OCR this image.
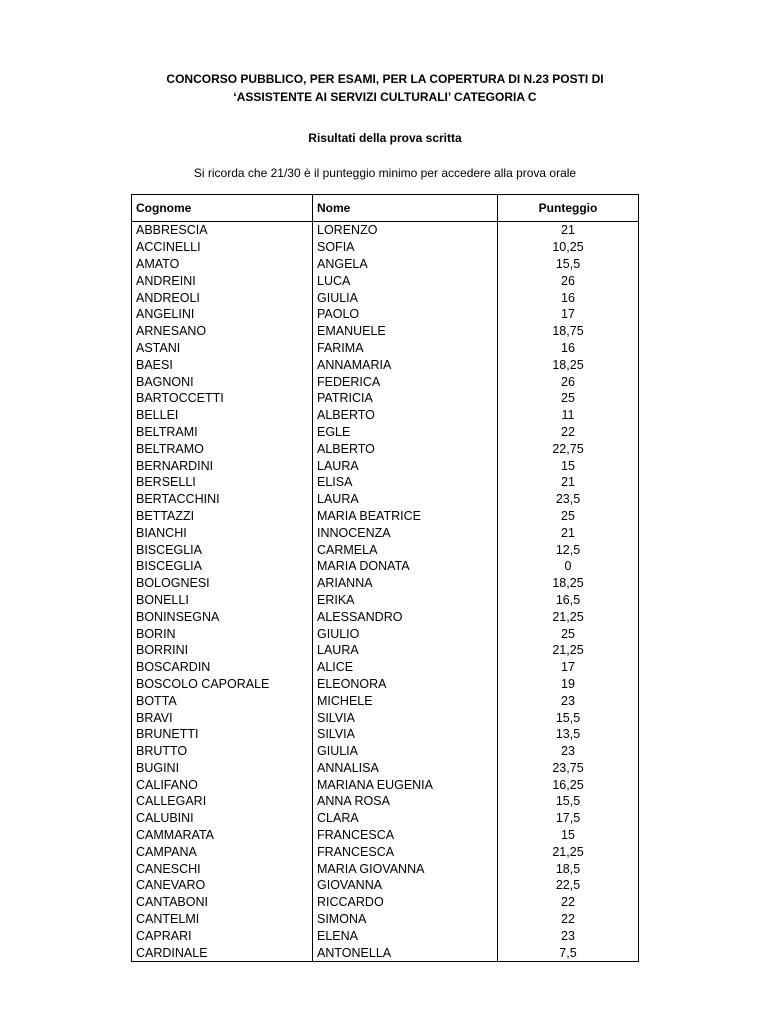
CONCORSO PUBBLICO, PER ESAMI, PER LA COPERTURA DI N.23 POSTI DI
‘ASSISTENTE AI SERVIZI CULTURALI’ CATEGORIA C
Risultati della prova scritta
Si ricorda che 21/30 è il punteggio minimo per accedere alla prova orale
Cognome	Nome	Punteggio
ABBRESCIA	LORENZO	21
ACCINELLI	SOFIA	10,25
AMATO	ANGELA	15,5
ANDREINI	LUCA	26
ANDREOLI	GIULIA	16
ANGELINI	PAOLO	17
ARNESANO	EMANUELE	18,75
ASTANI	FARIMA	16
BAESI	ANNAMARIA	18,25
BAGNONI	FEDERICA	26
BARTOCCETTI	PATRICIA	25
BELLEI	ALBERTO	11
BELTRAMI	EGLE	22
BELTRAMO	ALBERTO	22,75
BERNARDINI	LAURA	15
BERSELLI	ELISA	21
BERTACCHINI	LAURA	23,5
BETTAZZI	MARIA BEATRICE	25
BIANCHI	INNOCENZA	21
BISCEGLIA	CARMELA	12,5
BISCEGLIA	MARIA DONATA	0
BOLOGNESI	ARIANNA	18,25
BONELLI	ERIKA	16,5
BONINSEGNA	ALESSANDRO	21,25
BORIN	GIULIO	25
BORRINI	LAURA	21,25
BOSCARDIN	ALICE	17
BOSCOLO CAPORALE	ELEONORA	19
BOTTA	MICHELE	23
BRAVI	SILVIA	15,5
BRUNETTI	SILVIA	13,5
BRUTTO	GIULIA	23
BUGINI	ANNALISA	23,75
CALIFANO	MARIANA EUGENIA	16,25
CALLEGARI	ANNA ROSA	15,5
CALUBINI	CLARA	17,5
CAMMARATA	FRANCESCA	15
CAMPANA	FRANCESCA	21,25
CANESCHI	MARIA GIOVANNA	18,5
CANEVARO	GIOVANNA	22,5
CANTABONI	RICCARDO	22
CANTELMI	SIMONA	22
CAPRARI	ELENA	23
CARDINALE	ANTONELLA	7,5
